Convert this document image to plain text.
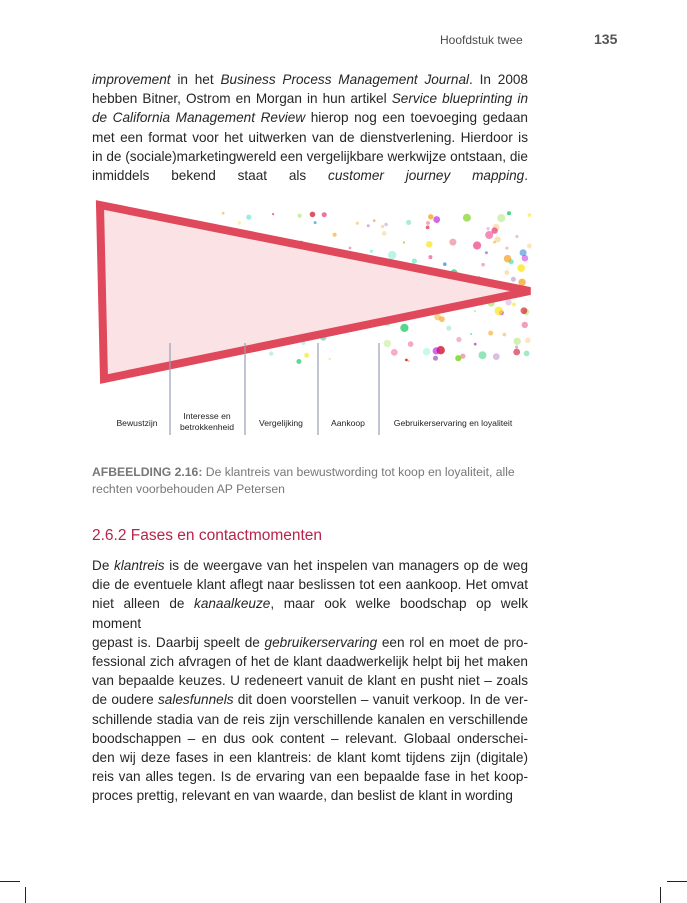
Hoofdstuk twee	135
improvement in het Business Process Management Journal. In 2008
hebben Bitner, Ostrom en Morgan in hun artikel Service blueprinting in
de California Management Review hierop nog een toevoeging gedaan
met een format voor het uitwerken van de dienstverlening. Hierdoor is
in de (sociale)marketingwereld een vergelijkbare werkwijze ontstaan, die
inmiddels bekend staat als customer journey mapping.
Bewustzijn
Interesse en betrokkenheid	Vergelijking	Aankoop	Gebruikerservaring en loyaliteit
AFBEELDING 2.16: De klantreis van bewustwording tot koop en loyaliteit, alle rechten voorbehouden AP Petersen
2.6.2 Fases en contactmomenten
De klantreis is de weergave van het inspelen van managers op de weg
die de eventuele klant aflegt naar beslissen tot een aankoop. Het omvat
niet alleen de kanaalkeuze, maar ook welke boodschap op welk moment
gepast is. Daarbij speelt de gebruikerservaring een rol en moet de pro-
fessional zich afvragen of het de klant daadwerkelijk helpt bij het maken
van bepaalde keuzes. U redeneert vanuit de klant en pusht niet – zoals
de oudere salesfunnels dit doen voorstellen – vanuit verkoop. In de ver-
schillende stadia van de reis zijn verschillende kanalen en verschillende
boodschappen – en dus ook content – relevant. Globaal onderschei-
den wij deze fases in een klantreis: de klant komt tijdens zijn (digitale)
reis van alles tegen. Is de ervaring van een bepaalde fase in het koop-
proces prettig, relevant en van waarde, dan beslist de klant in wording
